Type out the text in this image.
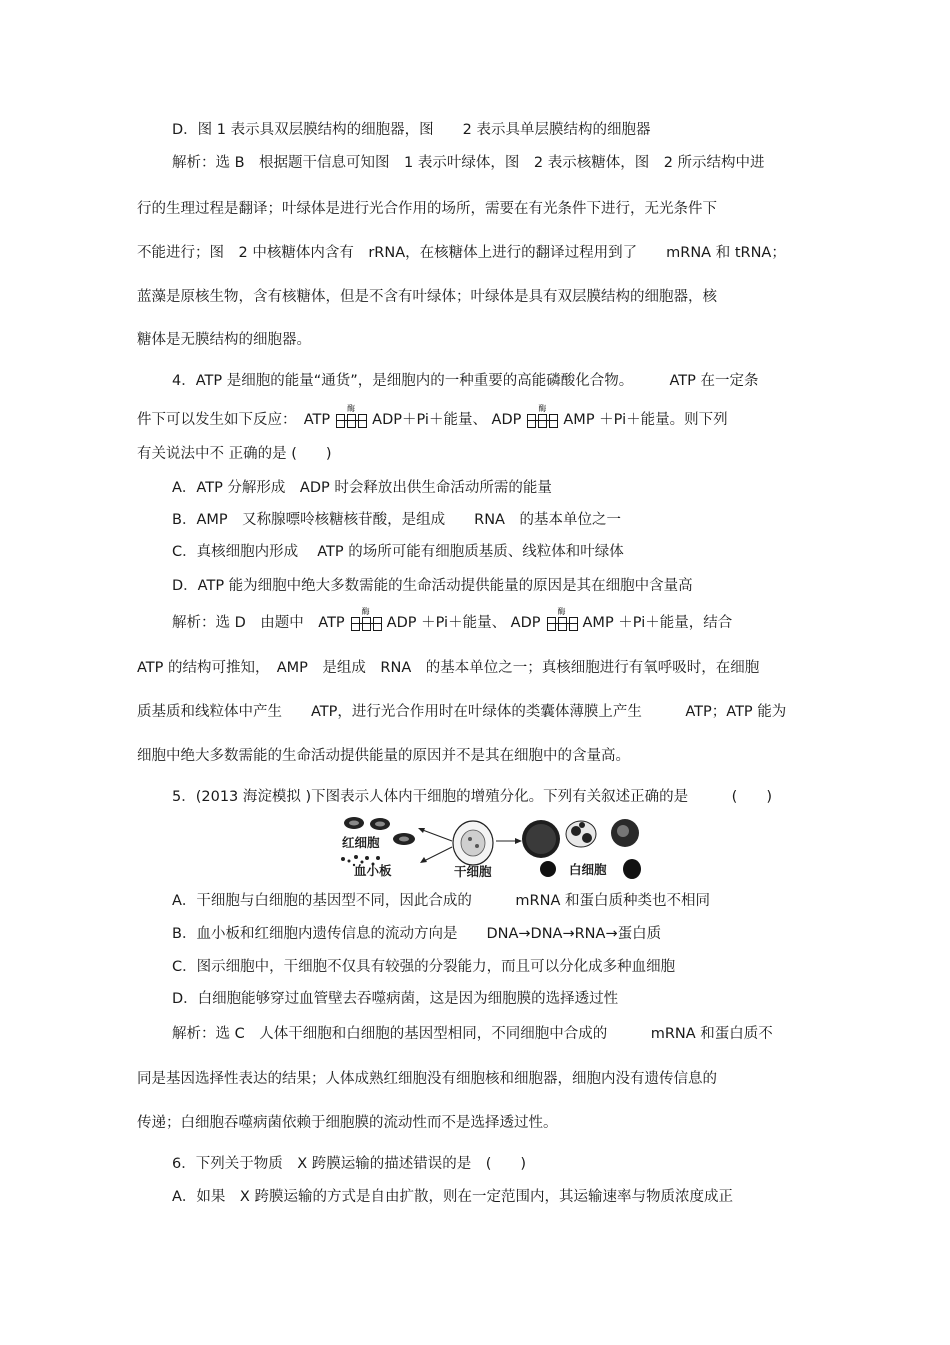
D．图 1 表示具双层膜结构的细胞器，图　　2 表示具单层膜结构的细胞器
解析：选 B　根据题干信息可知图　1 表示叶绿体，图　2 表示核糖体，图　2 所示结构中进
行的生理过程是翻译；叶绿体是进行光合作用的场所，需要在有光条件下进行，无光条件下
不能进行；图　2 中核糖体内含有　rRNA，在核糖体上进行的翻译过程用到了　　mRNA 和 tRNA；
蓝藻是原核生物，含有核糖体，但是不含有叶绿体；叶绿体是具有双层膜结构的细胞器，核
糖体是无膜结构的细胞器。
4．ATP 是细胞的能量“通货”，是细胞内的一种重要的高能磷酸化合物。　　　ATP 在一定条
件下可以发生如下反应：　ATP
酶
ADP＋Pi＋能量、 ADP
酶
AMP ＋Pi＋能量。则下列
有关说法中不 正确的是 (　　)
A．ATP 分解形成　ADP 时会释放出供生命活动所需的能量
B．AMP　又称腺嘌呤核糖核苷酸，是组成　　RNA　的基本单位之一
C．真核细胞内形成　 ATP 的场所可能有细胞质基质、线粒体和叶绿体
D．ATP 能为细胞中绝大多数需能的生命活动提供能量的原因是其在细胞中含量高
解析：选 D　由题中　ATP
酶
ADP ＋Pi＋能量、 ADP
酶
AMP ＋Pi＋能量，结合
ATP 的结构可推知，　AMP　是组成　RNA　的基本单位之一；真核细胞进行有氧呼吸时，在细胞
质基质和线粒体中产生　　ATP，进行光合作用时在叶绿体的类囊体薄膜上产生　　　ATP；ATP 能为
细胞中绝大多数需能的生命活动提供能量的原因并不是其在细胞中的含量高。
5．(2013 海淀模拟 )下图表示人体内干细胞的增殖分化。下列有关叙述正确的是　　　(　　)
红细胞
血小板	干细胞	白细胞
A．干细胞与白细胞的基因型不同，因此合成的　　　mRNA 和蛋白质种类也不相同
B．血小板和红细胞内遗传信息的流动方向是　　DNA→DNA→RNA→蛋白质
C．图示细胞中，干细胞不仅具有较强的分裂能力，而且可以分化成多种血细胞
D．白细胞能够穿过血管壁去吞噬病菌，这是因为细胞膜的选择透过性
解析：选 C　人体干细胞和白细胞的基因型相同，不同细胞中合成的　　　mRNA 和蛋白质不
同是基因选择性表达的结果；人体成熟红细胞没有细胞核和细胞器，细胞内没有遗传信息的
传递；白细胞吞噬病菌依赖于细胞膜的流动性而不是选择透过性。
6．下列关于物质　X 跨膜运输的描述错误的是　(　　)
A．如果　X 跨膜运输的方式是自由扩散，则在一定范围内，其运输速率与物质浓度成正
